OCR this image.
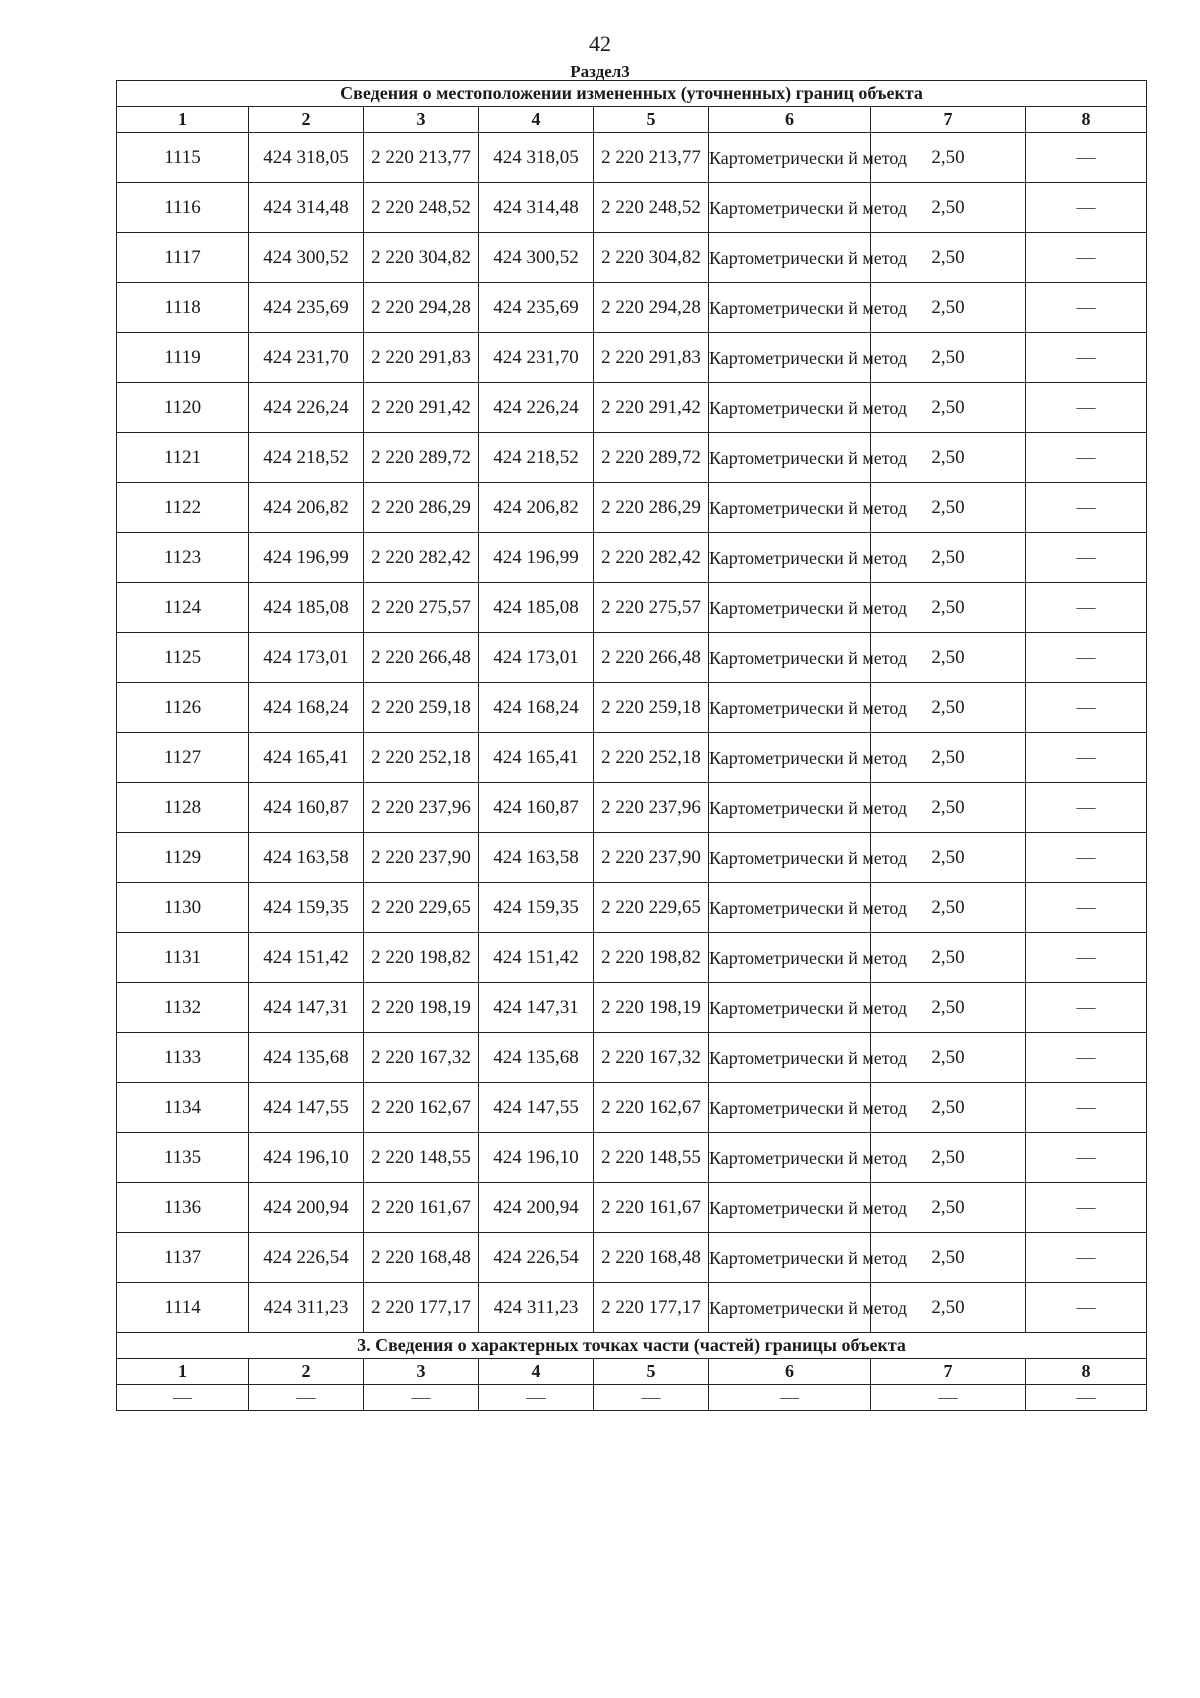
42
Раздел3
Сведения о местоположении измененных (уточненных) границ объекта							
1	2	3	4	5	6	7	8
1115	424 318,05	2 220 213,77	424 318,05	2 220 213,77	Картометрически й метод	2,50	—
1116	424 314,48	2 220 248,52	424 314,48	2 220 248,52	Картометрически й метод	2,50	—
1117	424 300,52	2 220 304,82	424 300,52	2 220 304,82	Картометрически й метод	2,50	—
1118	424 235,69	2 220 294,28	424 235,69	2 220 294,28	Картометрически й метод	2,50	—
1119	424 231,70	2 220 291,83	424 231,70	2 220 291,83	Картометрически й метод	2,50	—
1120	424 226,24	2 220 291,42	424 226,24	2 220 291,42	Картометрически й метод	2,50	—
1121	424 218,52	2 220 289,72	424 218,52	2 220 289,72	Картометрически й метод	2,50	—
1122	424 206,82	2 220 286,29	424 206,82	2 220 286,29	Картометрически й метод	2,50	—
1123	424 196,99	2 220 282,42	424 196,99	2 220 282,42	Картометрически й метод	2,50	—
1124	424 185,08	2 220 275,57	424 185,08	2 220 275,57	Картометрически й метод	2,50	—
1125	424 173,01	2 220 266,48	424 173,01	2 220 266,48	Картометрически й метод	2,50	—
1126	424 168,24	2 220 259,18	424 168,24	2 220 259,18	Картометрически й метод	2,50	—
1127	424 165,41	2 220 252,18	424 165,41	2 220 252,18	Картометрически й метод	2,50	—
1128	424 160,87	2 220 237,96	424 160,87	2 220 237,96	Картометрически й метод	2,50	—
1129	424 163,58	2 220 237,90	424 163,58	2 220 237,90	Картометрически й метод	2,50	—
1130	424 159,35	2 220 229,65	424 159,35	2 220 229,65	Картометрически й метод	2,50	—
1131	424 151,42	2 220 198,82	424 151,42	2 220 198,82	Картометрически й метод	2,50	—
1132	424 147,31	2 220 198,19	424 147,31	2 220 198,19	Картометрически й метод	2,50	—
1133	424 135,68	2 220 167,32	424 135,68	2 220 167,32	Картометрически й метод	2,50	—
1134	424 147,55	2 220 162,67	424 147,55	2 220 162,67	Картометрически й метод	2,50	—
1135	424 196,10	2 220 148,55	424 196,10	2 220 148,55	Картометрически й метод	2,50	—
1136	424 200,94	2 220 161,67	424 200,94	2 220 161,67	Картометрически й метод	2,50	—
1137	424 226,54	2 220 168,48	424 226,54	2 220 168,48	Картометрически й метод	2,50	—
1114	424 311,23	2 220 177,17	424 311,23	2 220 177,17	Картометрически й метод	2,50	—
3. Сведения о характерных точках части (частей) границы объекта							
1	2	3	4	5	6	7	8
—	—	—	—	—	—	—	—
